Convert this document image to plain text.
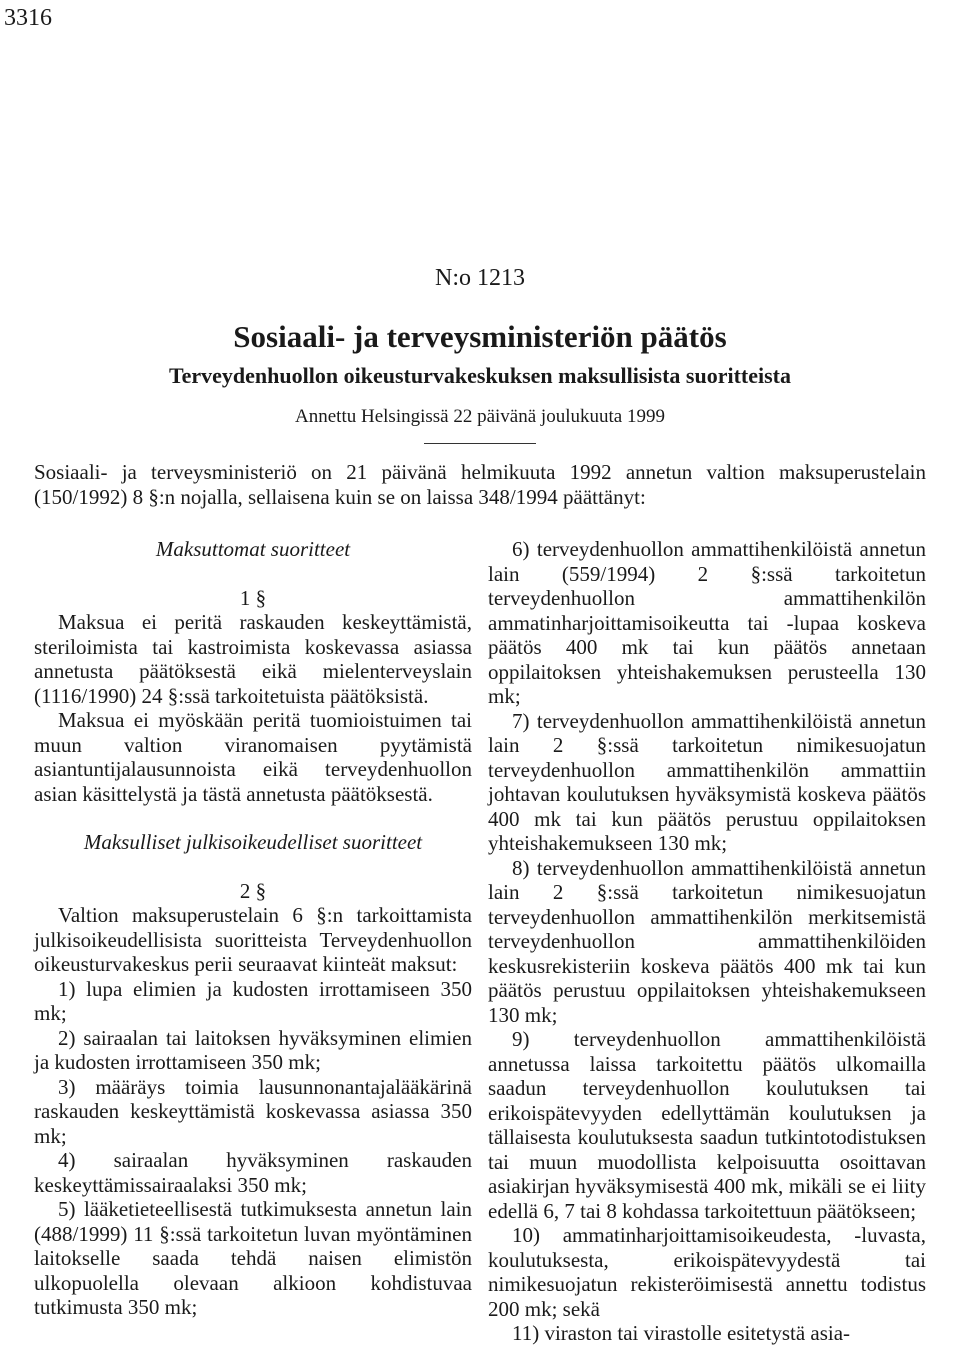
3316
N:o 1213
Sosiaali- ja terveysministeriön päätös
Terveydenhuollon oikeusturvakeskuksen maksullisista suoritteista
Annettu Helsingissä 22 päivänä joulukuuta 1999

Sosiaali- ja terveysministeriö on 21 päivänä helmikuuta 1992 annetun valtion maksuperustelain (150/1992) 8 §:n nojalla, sellaisena kuin se on laissa 348/1994 päättänyt:

Maksuttomat suoritteet
1 §

Maksua ei peritä raskauden keskeyttämistä, steriloimista tai kastroimista koskevassa asiassa annetusta päätöksestä eikä mielenterveyslain (1116/1990) 24 §:ssä tarkoitetuista päätöksistä.

Maksua ei myöskään peritä tuomioistuimen tai muun valtion viranomaisen pyytämistä asiantuntijalausunnoista eikä terveydenhuollon asian käsittelystä ja tästä annetusta päätöksestä.

Maksulliset julkisoikeudelliset suoritteet
2 §

Valtion maksuperustelain 6 §:n tarkoittamista julkisoikeudellisista suoritteista Terveydenhuollon oikeusturvakeskus perii seuraavat kiinteät maksut:

1) lupa elimien ja kudosten irrottamiseen 350 mk;

2) sairaalan tai laitoksen hyväksyminen elimien ja kudosten irrottamiseen 350 mk;

3) määräys toimia lausunnonantajalääkärinä raskauden keskeyttämistä koskevassa asiassa 350 mk;

4) sairaalan hyväksyminen raskauden keskeyttämissairaalaksi 350 mk;

5) lääketieteellisestä tutkimuksesta annetun lain (488/1999) 11 §:ssä tarkoitetun luvan myöntäminen laitokselle saada tehdä naisen elimistön ulkopuolella olevaan alkioon kohdistuvaa tutkimusta 350 mk;

6) terveydenhuollon ammattihenkilöistä annetun lain (559/1994) 2 §:ssä tarkoitetun terveydenhuollon ammattihenkilön ammatinharjoittamisoikeutta tai -lupaa koskeva päätös 400 mk tai kun päätös annetaan oppilaitoksen yhteishakemuksen perusteella 130 mk;

7) terveydenhuollon ammattihenkilöistä annetun lain 2 §:ssä tarkoitetun nimikesuojatun terveydenhuollon ammattihenkilön ammattiin johtavan koulutuksen hyväksymistä koskeva päätös 400 mk tai kun päätös perustuu oppilaitoksen yhteishakemukseen 130 mk;

8) terveydenhuollon ammattihenkilöistä annetun lain 2 §:ssä tarkoitetun nimikesuojatun terveydenhuollon ammattihenkilön merkitsemistä terveydenhuollon ammattihenkilöiden keskusrekisteriin koskeva päätös 400 mk tai kun päätös perustuu oppilaitoksen yhteishakemukseen 130 mk;

9) terveydenhuollon ammattihenkilöistä annetussa laissa tarkoitettu päätös ulkomailla saadun terveydenhuollon koulutuksen tai erikoispätevyyden edellyttämän koulutuksen ja tällaisesta koulutuksesta saadun tutkintotodistuksen tai muun muodollista kelpoisuutta osoittavan asiakirjan hyväksymisestä 400 mk, mikäli se ei liity edellä 6, 7 tai 8 kohdassa tarkoitettuun päätökseen;

10) ammatinharjoittamisoikeudesta, -luvasta, koulutuksesta, erikoispätevyydestä tai nimikesuojatun rekisteröimisestä annettu todistus 200 mk; sekä

11) viraston tai virastolle esitetystä asia-
